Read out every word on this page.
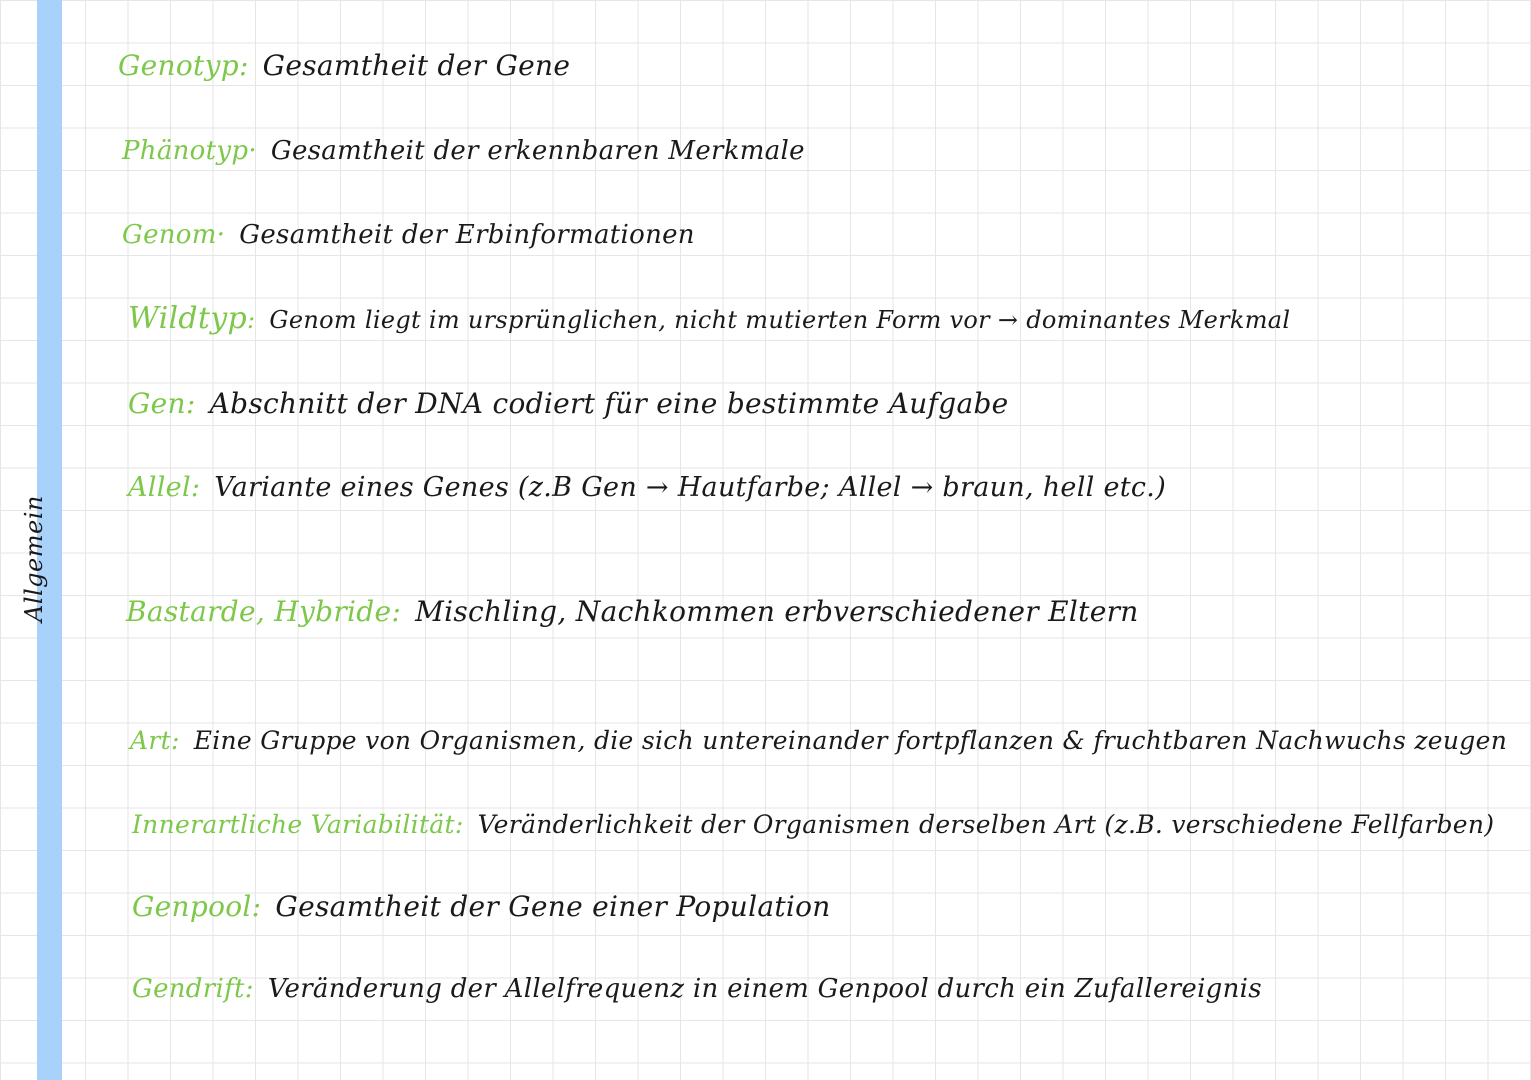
Allgemein
Genotyp: Gesamtheit der Gene
Phänotyp· Gesamtheit der erkennbaren Merkmale
Genom· Gesamtheit der Erbinformationen
Wildtyp: Genom liegt im ursprünglichen, nicht mutierten Form vor → dominantes Merkmal
Gen: Abschnitt der DNA codiert für eine bestimmte Aufgabe
Allel: Variante eines Genes (z.B Gen → Hautfarbe; Allel → braun, hell etc.)
Bastarde, Hybride: Mischling, Nachkommen erbverschiedener Eltern
Art: Eine Gruppe von Organismen, die sich untereinander fortpflanzen & fruchtbaren Nachwuchs zeugen
Innerartliche Variabilität: Veränderlichkeit der Organismen derselben Art (z.B. verschiedene Fellfarben)
Genpool: Gesamtheit der Gene einer Population
Gendrift: Veränderung der Allelfrequenz in einem Genpool durch ein Zufallereignis
